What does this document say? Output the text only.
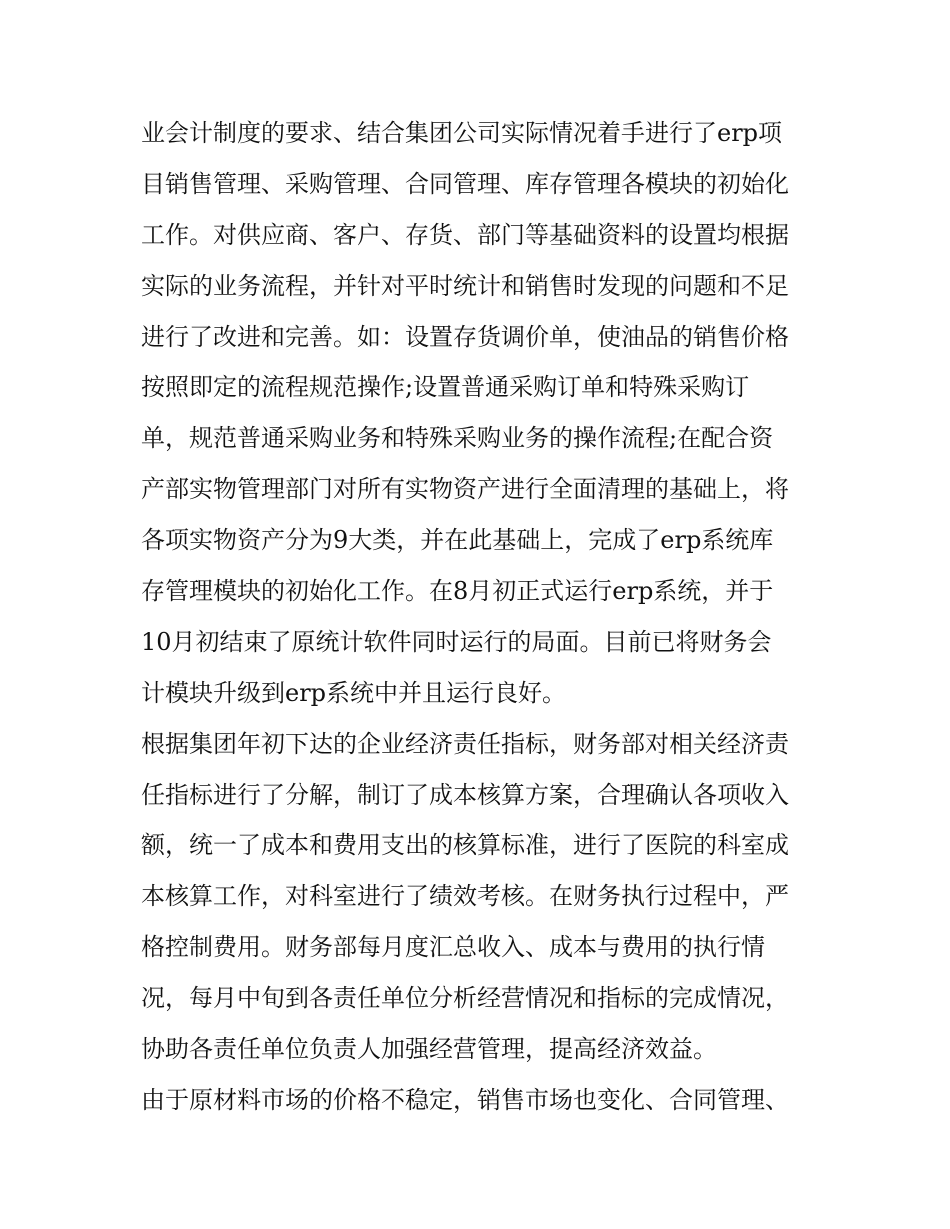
业会计制度的要求、结合集团公司实际情况着手进行了erp项
目销售管理、采购管理、合同管理、库存管理各模块的初始化
工作。对供应商、客户、存货、部门等基础资料的设置均根据
实际的业务流程，并针对平时统计和销售时发现的问题和不足
进行了改进和完善。如：设置存货调价单，使油品的销售价格
按照即定的流程规范操作;设置普通采购订单和特殊采购订
单，规范普通采购业务和特殊采购业务的操作流程;在配合资
产部实物管理部门对所有实物资产进行全面清理的基础上，将
各项实物资产分为9大类，并在此基础上，完成了erp系统库
存管理模块的初始化工作。在8月初正式运行erp系统，并于
10月初结束了原统计软件同时运行的局面。目前已将财务会
计模块升级到erp系统中并且运行良好。
根据集团年初下达的企业经济责任指标，财务部对相关经济责
任指标进行了分解，制订了成本核算方案，合理确认各项收入
额，统一了成本和费用支出的核算标准，进行了医院的科室成
本核算工作，对科室进行了绩效考核。在财务执行过程中，严
格控制费用。财务部每月度汇总收入、成本与费用的执行情
况，每月中旬到各责任单位分析经营情况和指标的完成情况，
协助各责任单位负责人加强经营管理，提高经济效益。
由于原材料市场的价格不稳定，销售市场也变化、合同管理、
